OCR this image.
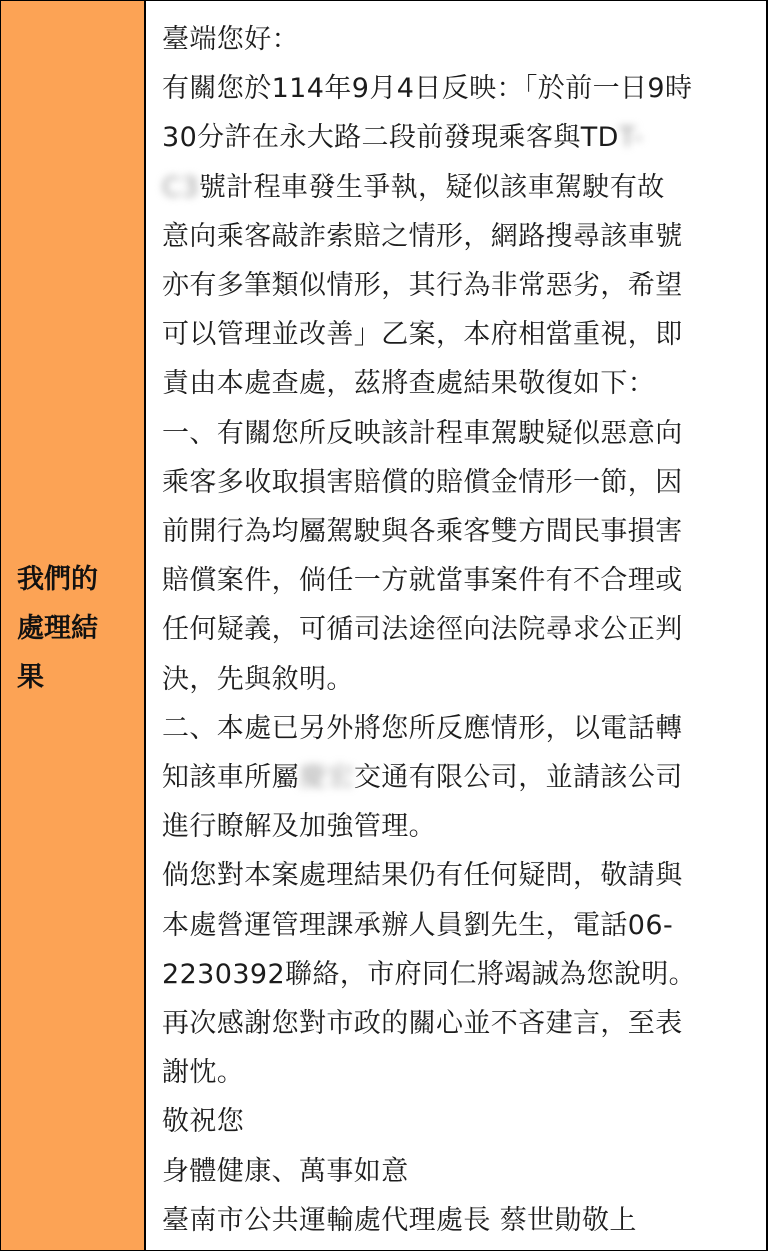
我們的處理結果
臺端您好：
有關您於114年9月4日反映：「於前一日9時
30分許在永大路二段前發現乘客與TDT-
C3號計程車發生爭執，疑似該車駕駛有故
意向乘客敲詐索賠之情形，網路搜尋該車號
亦有多筆類似情形，其行為非常惡劣，希望
可以管理並改善」乙案，本府相當重視，即
責由本處查處，茲將查處結果敬復如下：
一、有關您所反映該計程車駕駛疑似惡意向
乘客多收取損害賠償的賠償金情形一節，因
前開行為均屬駕駛與各乘客雙方間民事損害
賠償案件，倘任一方就當事案件有不合理或
任何疑義，可循司法途徑向法院尋求公正判
決，先與敘明。
二、本處已另外將您所反應情形，以電話轉
知該車所屬慶宏交通有限公司，並請該公司
進行瞭解及加強管理。
倘您對本案處理結果仍有任何疑問，敬請與
本處營運管理課承辦人員劉先生，電話06-
2230392聯絡，市府同仁將竭誠為您說明。
再次感謝您對市政的關心並不吝建言，至表
謝忱。
敬祝您
身體健康、萬事如意
臺南市公共運輸處代理處長 蔡世勛敬上
